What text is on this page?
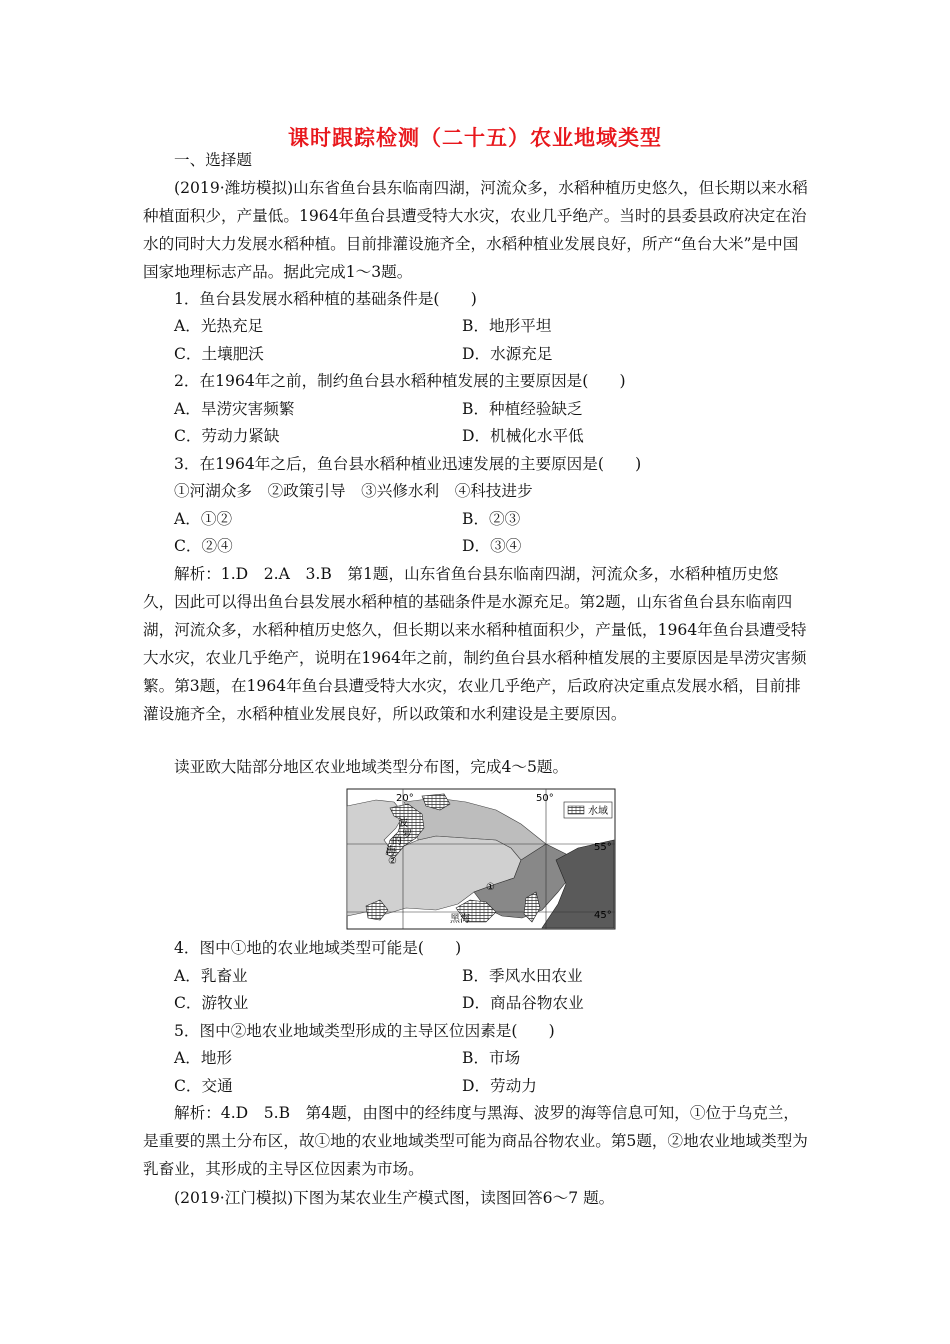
课时跟踪检测（二十五）农业地域类型
一、选择题

(2019·潍坊模拟)山东省鱼台县东临南四湖，河流众多，水稻种植历史悠久，但长期以来水稻种植面积少，产量低。1964年鱼台县遭受特大水灾，农业几乎绝产。当时的县委县政府决定在治水的同时大力发展水稻种植。目前排灌设施齐全，水稻种植业发展良好，所产“鱼台大米”是中国国家地理标志产品。据此完成1～3题。

1．鱼台县发展水稻种植的基础条件是(　　)
A．光热充足	B．地形平坦
C．土壤肥沃	D．水源充足
2．在1964年之前，制约鱼台县水稻种植发展的主要原因是(　　)
A．旱涝灾害频繁	B．种植经验缺乏
C．劳动力紧缺	D．机械化水平低
3．在1964年之后，鱼台县水稻种植业迅速发展的主要原因是(　　)
①河湖众多　②政策引导　③兴修水利　④科技进步
A．①②	B．②③
C．②④	D．③④

解析：1.D　2.A　3.B　第1题，山东省鱼台县东临南四湖，河流众多，水稻种植历史悠久，因此可以得出鱼台县发展水稻种植的基础条件是水源充足。第2题，山东省鱼台县东临南四湖，河流众多，水稻种植历史悠久，但长期以来水稻种植面积少，产量低，1964年鱼台县遭受特大水灾，农业几乎绝产，说明在1964年之前，制约鱼台县水稻种植发展的主要原因是旱涝灾害频繁。第3题，在1964年鱼台县遭受特大水灾，农业几乎绝产，后政府决定重点发展水稻，目前排灌设施齐全，水稻种植业发展良好，所以政策和水利建设是主要原因。

读亚欧大陆部分地区农业地域类型分布图，完成4～5题。
水域
20°	50°
55°
45°
波
罗
的
海
②
①
黑海
4．图中①地的农业地域类型可能是(　　)
A．乳畜业	B．季风水田农业
C．游牧业	D．商品谷物农业
5．图中②地农业地域类型形成的主导区位因素是(　　)
A．地形	B．市场
C．交通	D．劳动力

解析：4.D　5.B　第4题，由图中的经纬度与黑海、波罗的海等信息可知，①位于乌克兰，是重要的黑土分布区，故①地的农业地域类型可能为商品谷物农业。第5题，②地农业地域类型为乳畜业，其形成的主导区位因素为市场。

(2019·江门模拟)下图为某农业生产模式图，读图回答6～7 题。
